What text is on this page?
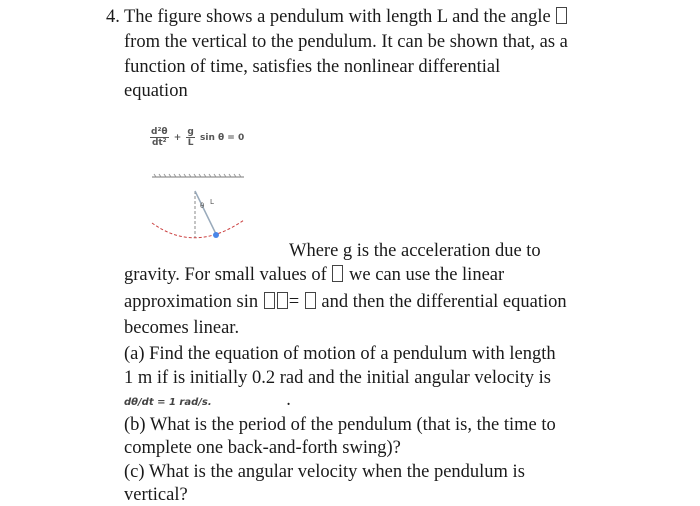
4. The figure shows a pendulum with length L and the angle
from the vertical to the pendulum. It can be shown that, as a
function of time, satisfies the nonlinear differential
equation
$\frac{\text{d²θ}}{\text{dt²}} + \frac{g}{L}$ sin θ = 0
θ L
Where g is the acceleration due to
gravity. For small values of  we can use the linear
approximation sin =  and then the differential equation
becomes linear.
(a) Find the equation of motion of a pendulum with length
1 m if is initially 0.2 rad and the initial angular velocity is
dθ/dt = 1 rad/s.	.
(b) What is the period of the pendulum (that is, the time to
complete one back-and-forth swing)?
(c) What is the angular velocity when the pendulum is
vertical?
